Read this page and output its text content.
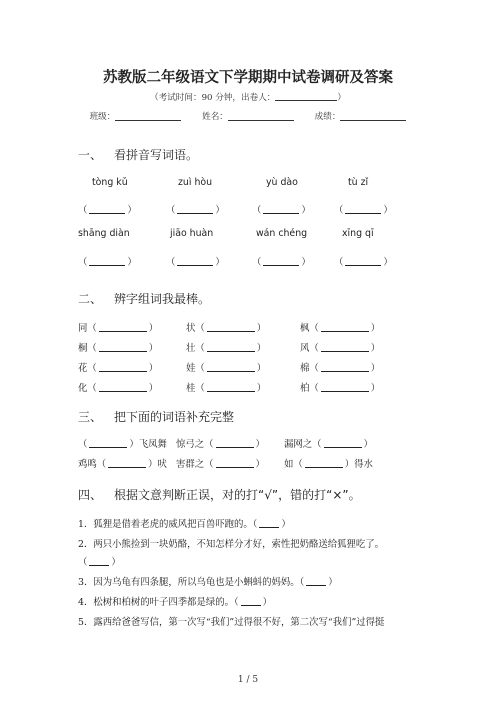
苏教版二年级语文下学期期中试卷调研及答案
（考试时间：90 分钟，出卷人：	）
班级：	姓名：	成绩：
一、 看拼音写词语。
tòng kǔ	zuì hòu	yù dào	tù zǐ
（	）	（	）	（	） （	）
shāng diàn	jiāo huàn	wán chéng	xīng qī
（	）	（	）	（	） （	）
二、 辨字组词我最棒。
同（	）	状（	）	枫（	）
桐（	）	壮（	）	风（	）
花（	）	娃（	）	棉（	）
化（	）	桂（	）	柏（	）
三、 把下面的词语补充完整
（	）飞凤舞 惊弓之（	） 漏网之（	）
鸡鸣（	）吠 害群之（	） 如（	）得水
四、 根据文意判断正误，对的打“√”，错的打“×”。
1．狐狸是借着老虎的威风把百兽吓跑的。（	）
2．两只小熊捡到一块奶酪，不知怎样分才好，索性把奶酪送给狐狸吃了。
（	）
3．因为乌龟有四条腿，所以乌龟也是小蝌蚪的妈妈。（	）
4．松树和柏树的叶子四季都是绿的。（	）
5．露西给爸爸写信，第一次写“我们”过得很不好，第二次写“我们”过得挺
1 / 5
